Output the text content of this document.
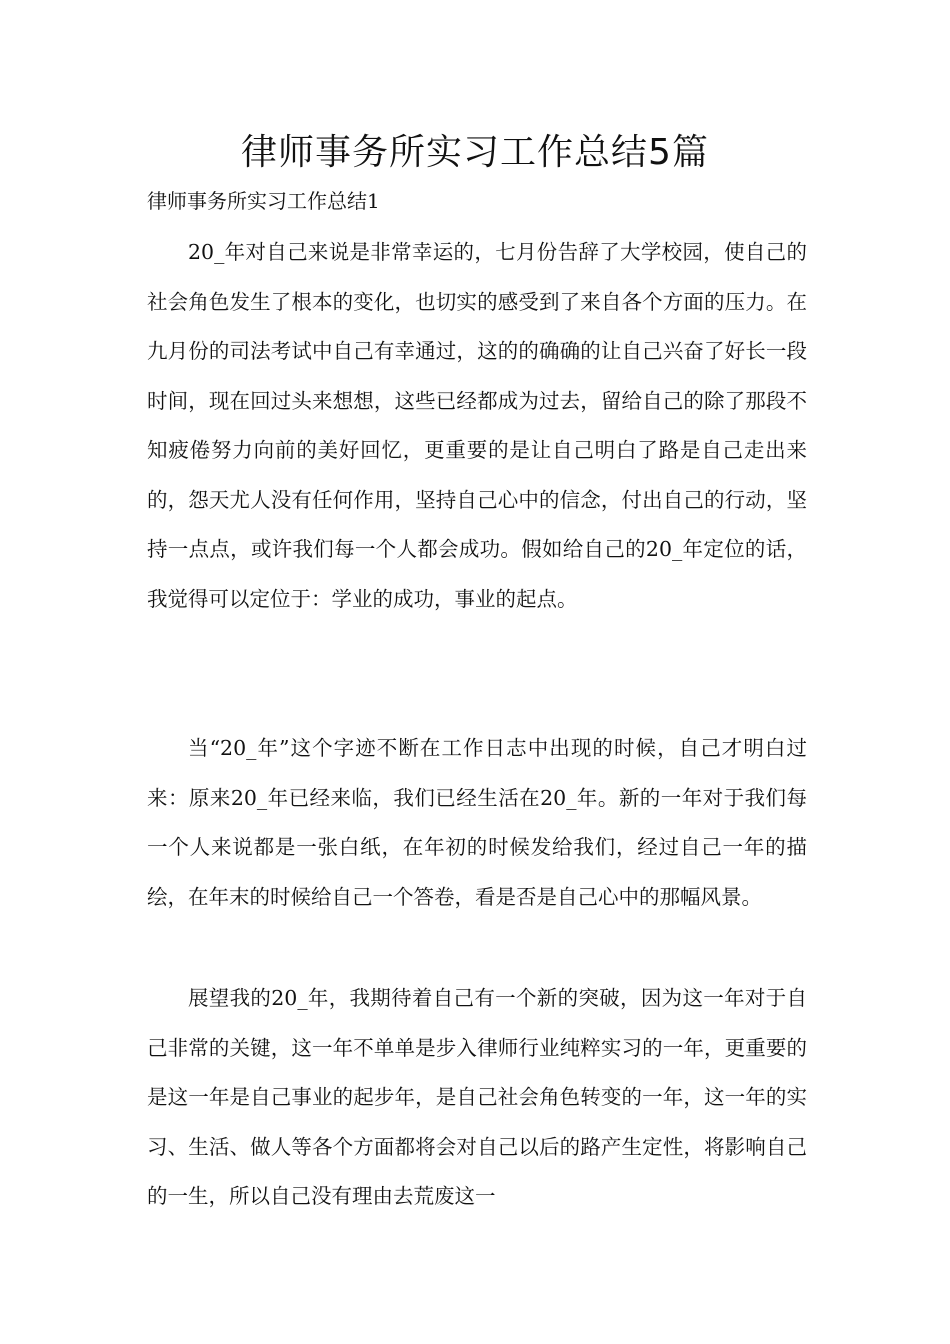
律师事务所实习工作总结5篇
律师事务所实习工作总结1

20_年对自己来说是非常幸运的，七月份告辞了大学校园，使自己的社会角色发生了根本的变化，也切实的感受到了来自各个方面的压力。在九月份的司法考试中自己有幸通过，这的的确确的让自己兴奋了好长一段时间，现在回过头来想想，这些已经都成为过去，留给自己的除了那段不知疲倦努力向前的美好回忆，更重要的是让自己明白了路是自己走出来的，怨天尤人没有任何作用，坚持自己心中的信念，付出自己的行动，坚持一点点，或许我们每一个人都会成功。假如给自己的20_年定位的话，我觉得可以定位于：学业的成功，事业的起点。

当“20_年”这个字迹不断在工作日志中出现的时候，自己才明白过来：原来20_年已经来临，我们已经生活在20_年。新的一年对于我们每一个人来说都是一张白纸，在年初的时候发给我们，经过自己一年的描绘，在年末的时候给自己一个答卷，看是否是自己心中的那幅风景。

展望我的20_年，我期待着自己有一个新的突破，因为这一年对于自己非常的关键，这一年不单单是步入律师行业纯粹实习的一年，更重要的是这一年是自己事业的起步年，是自己社会角色转变的一年，这一年的实习、生活、做人等各个方面都将会对自己以后的路产生定性，将影响自己的一生，所以自己没有理由去荒废这一
